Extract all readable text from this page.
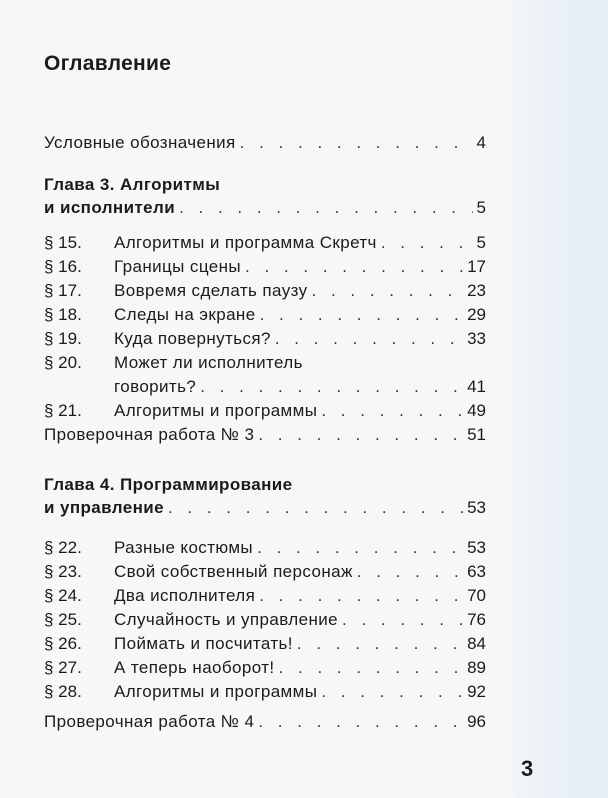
Оглавление
Условные обозначения . . .	4
Глава 3. Алгоритмы
и исполнители . . .	5
§ 15.	Алгоритмы и программа Скретч . . .	5
§ 16.	Границы сцены . . .	17
§ 17.	Вовремя сделать паузу . . .	23
§ 18.	Следы на экране . . .	29
§ 19.	Куда повернуться? . . .	33
§ 20.	Может ли исполнитель
говорить? . . .	41
§ 21.	Алгоритмы и программы . . .	49
Проверочная работа № 3 . . .	51
Глава 4. Программирование
и управление . . .	53
§ 22.	Разные костюмы . . .	53
§ 23.	Свой собственный персонаж . . .	63
§ 24.	Два исполнителя . . .	70
§ 25.	Случайность и управление . . .	76
§ 26.	Поймать и посчитать! . . .	84
§ 27.	А теперь наоборот! . . .	89
§ 28.	Алгоритмы и программы . . .	92
Проверочная работа № 4 . . .	96
3
